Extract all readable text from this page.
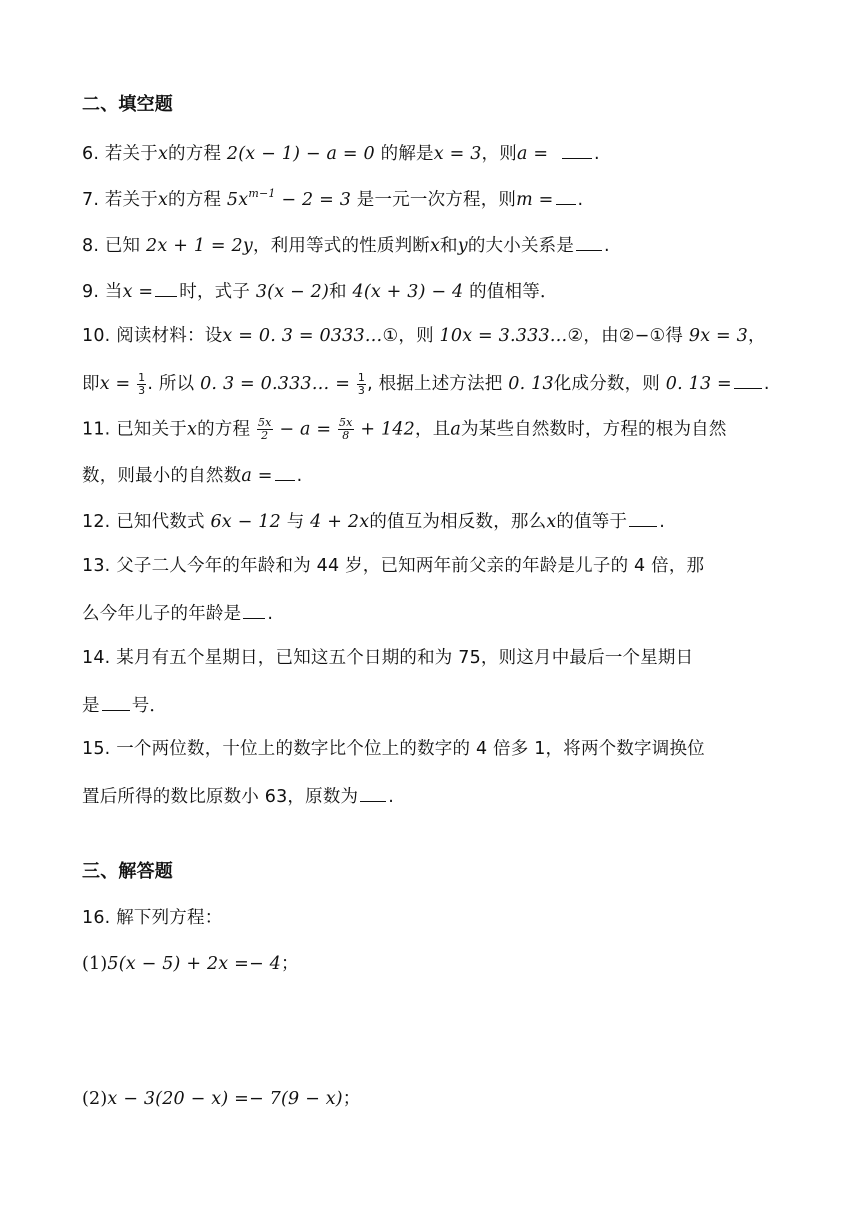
二、填空题
6. 若关于x的方程 2(x − 1) − a = 0 的解是x = 3，则a =	.
7. 若关于x的方程 $5x^{m-1} - 2 = 3$ 是一元一次方程，则m = .
8. 已知 2x + 1 = 2y，利用等式的性质判断x和y的大小关系是 .
9. 当x = 时，式子 3(x − 2)和 4(x + 3) − 4 的值相等．
10. 阅读材料：设x = 0. 3 = 0333…①，则 10x = 3.333…②，由②−①得 9x = 3，
即$x = \frac{1}{3}$ . 所以 0. 3 = 0.333… = $\frac{1}{3}$ , 根据上述方法把 0. 13化成分数，则 0. 13 = .
11. 已知关于x的方程 $\frac{5x}{2} - a = \frac{5x}{8} + 142$，且a为某些自然数时，方程的根为自然
数，则最小的自然数a = .
12. 已知代数式 6x − 12 与 4 + 2x的值互为相反数，那么x的值等于 .
13. 父子二人今年的年龄和为 44 岁，已知两年前父亲的年龄是儿子的 4 倍，那
么今年儿子的年龄是 .
14. 某月有五个星期日，已知这五个日期的和为 75，则这月中最后一个星期日
是 号．
15. 一个两位数，十位上的数字比个位上的数字的 4 倍多 1，将两个数字调换位
置后所得的数比原数小 63，原数为 .
三、解答题
16. 解下列方程：
(1)5(x − 5) + 2x =− 4；
(2)x − 3(20 − x) =− 7(9 − x)；
